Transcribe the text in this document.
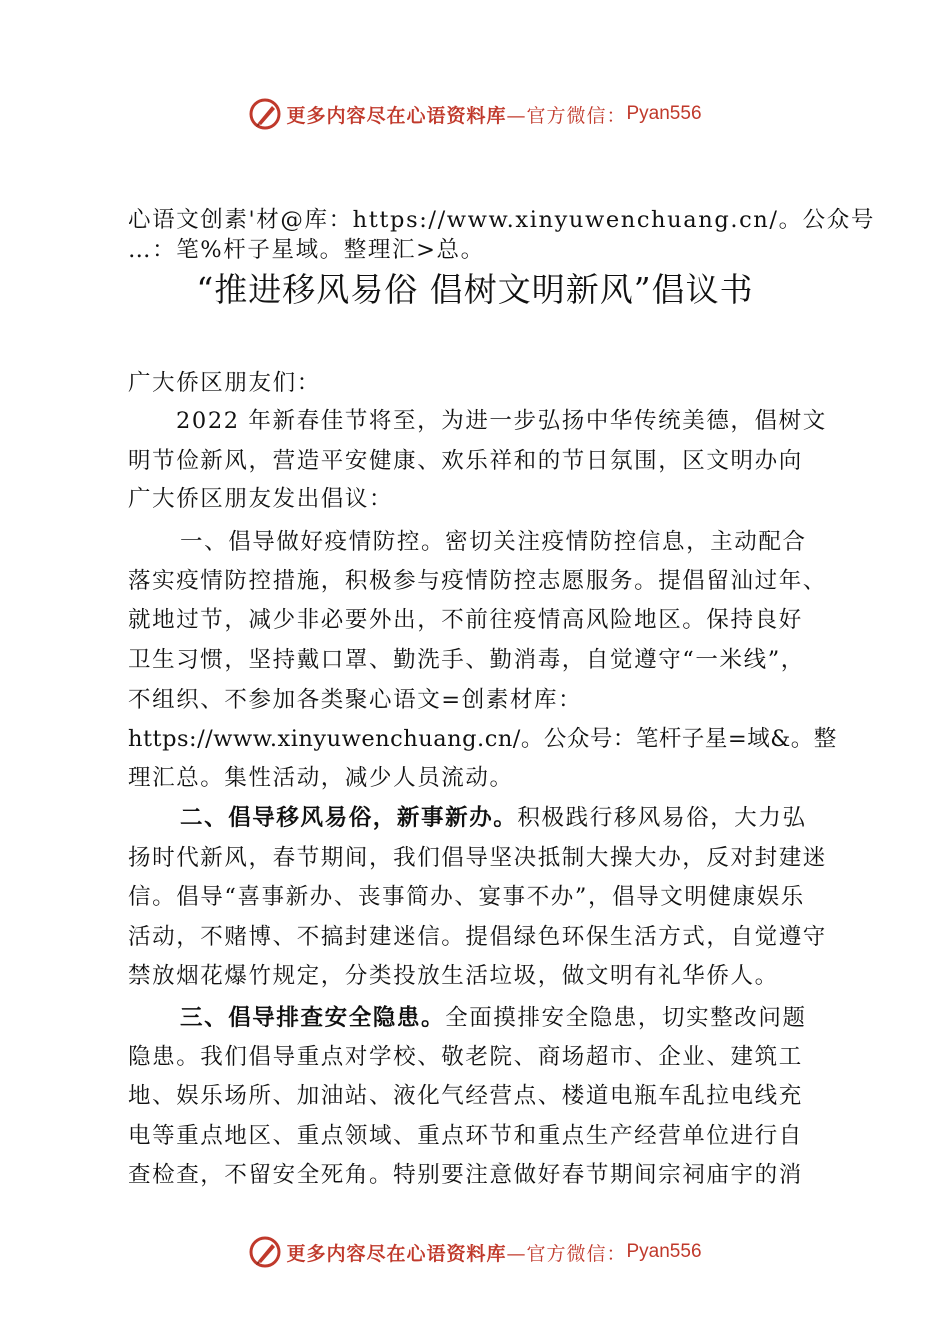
更多内容尽在心语资料库 —官方微信： Pyan556
心语文创素'材@库：https://www.xinyuwenchuang.cn/。公众号
…：笔%杆子星域。整理汇>总。
“推进移风易俗 倡树文明新风”倡议书
广大侨区朋友们：
2022 年新春佳节将至，为进一步弘扬中华传统美德，倡树文
明节俭新风，营造平安健康、欢乐祥和的节日氛围，区文明办向
广大侨区朋友发出倡议：
一、倡导做好疫情防控。密切关注疫情防控信息，主动配合
落实疫情防控措施，积极参与疫情防控志愿服务。提倡留汕过年、
就地过节，减少非必要外出，不前往疫情高风险地区。保持良好
卫生习惯，坚持戴口罩、勤洗手、勤消毒，自觉遵守“一米线”，
不组织、不参加各类聚心语文=创素材库：
https://www.xinyuwenchuang.cn/。公众号：笔杆子星=域&。整
理汇总。集性活动，减少人员流动。
二、倡导移风易俗，新事新办。积极践行移风易俗，大力弘
扬时代新风，春节期间，我们倡导坚决抵制大操大办，反对封建迷
信。倡导“喜事新办、丧事简办、宴事不办”，倡导文明健康娱乐
活动，不赌博、不搞封建迷信。提倡绿色环保生活方式，自觉遵守
禁放烟花爆竹规定，分类投放生活垃圾，做文明有礼华侨人。
三、倡导排查安全隐患。全面摸排安全隐患，切实整改问题
隐患。我们倡导重点对学校、敬老院、商场超市、企业、建筑工
地、娱乐场所、加油站、液化气经营点、楼道电瓶车乱拉电线充
电等重点地区、重点领域、重点环节和重点生产经营单位进行自
查检查，不留安全死角。特别要注意做好春节期间宗祠庙宇的消
更多内容尽在心语资料库 —官方微信： Pyan556
